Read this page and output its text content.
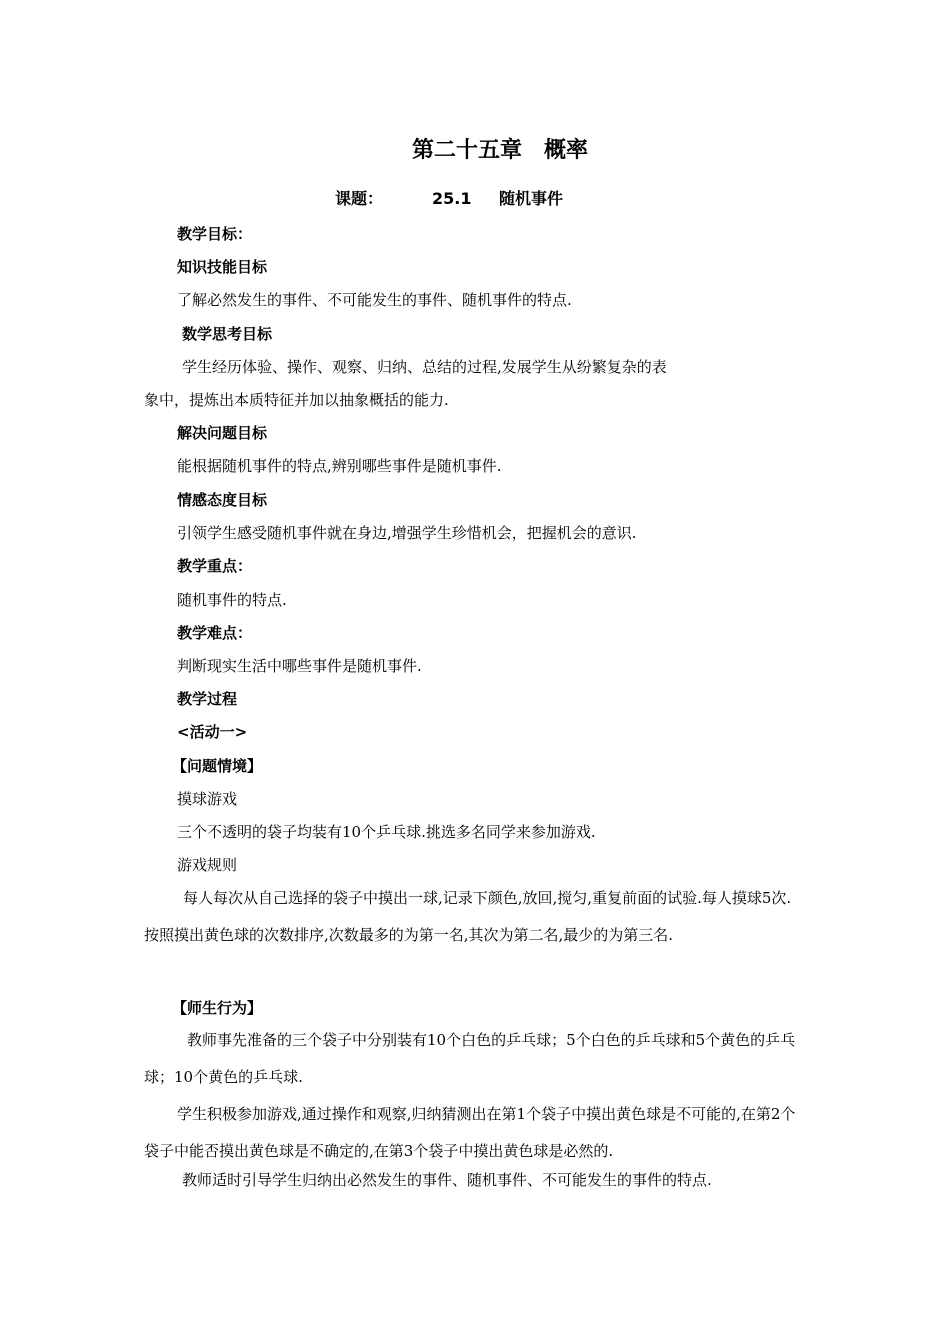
第二十五章　概率
课题：	25.1 随机事件
教学目标：
知识技能目标
了解必然发生的事件、不可能发生的事件、随机事件的特点.
数学思考目标
学生经历体验、操作、观察、归纳、总结的过程,发展学生从纷繁复杂的表
象中，提炼出本质特征并加以抽象概括的能力.
解决问题目标
能根据随机事件的特点,辨别哪些事件是随机事件.
情感态度目标
引领学生感受随机事件就在身边,增强学生珍惜机会，把握机会的意识.
教学重点：
随机事件的特点.
教学难点：
判断现实生活中哪些事件是随机事件.
教学过程
<活动一>
【问题情境】
摸球游戏
三个不透明的袋子均装有10个乒乓球.挑选多名同学来参加游戏.
游戏规则
每人每次从自己选择的袋子中摸出一球,记录下颜色,放回,搅匀,重复前面的试验.每人摸球5次.按照摸出黄色球的次数排序,次数最多的为第一名,其次为第二名,最少的为第三名.
【师生行为】
教师事先准备的三个袋子中分别装有10个白色的乒乓球；5个白色的乒乓球和5个黄色的乒乓球；10个黄色的乒乓球.
学生积极参加游戏,通过操作和观察,归纳猜测出在第1个袋子中摸出黄色球是不可能的,在第2个袋子中能否摸出黄色球是不确定的,在第3个袋子中摸出黄色球是必然的.
教师适时引导学生归纳出必然发生的事件、随机事件、不可能发生的事件的特点.
